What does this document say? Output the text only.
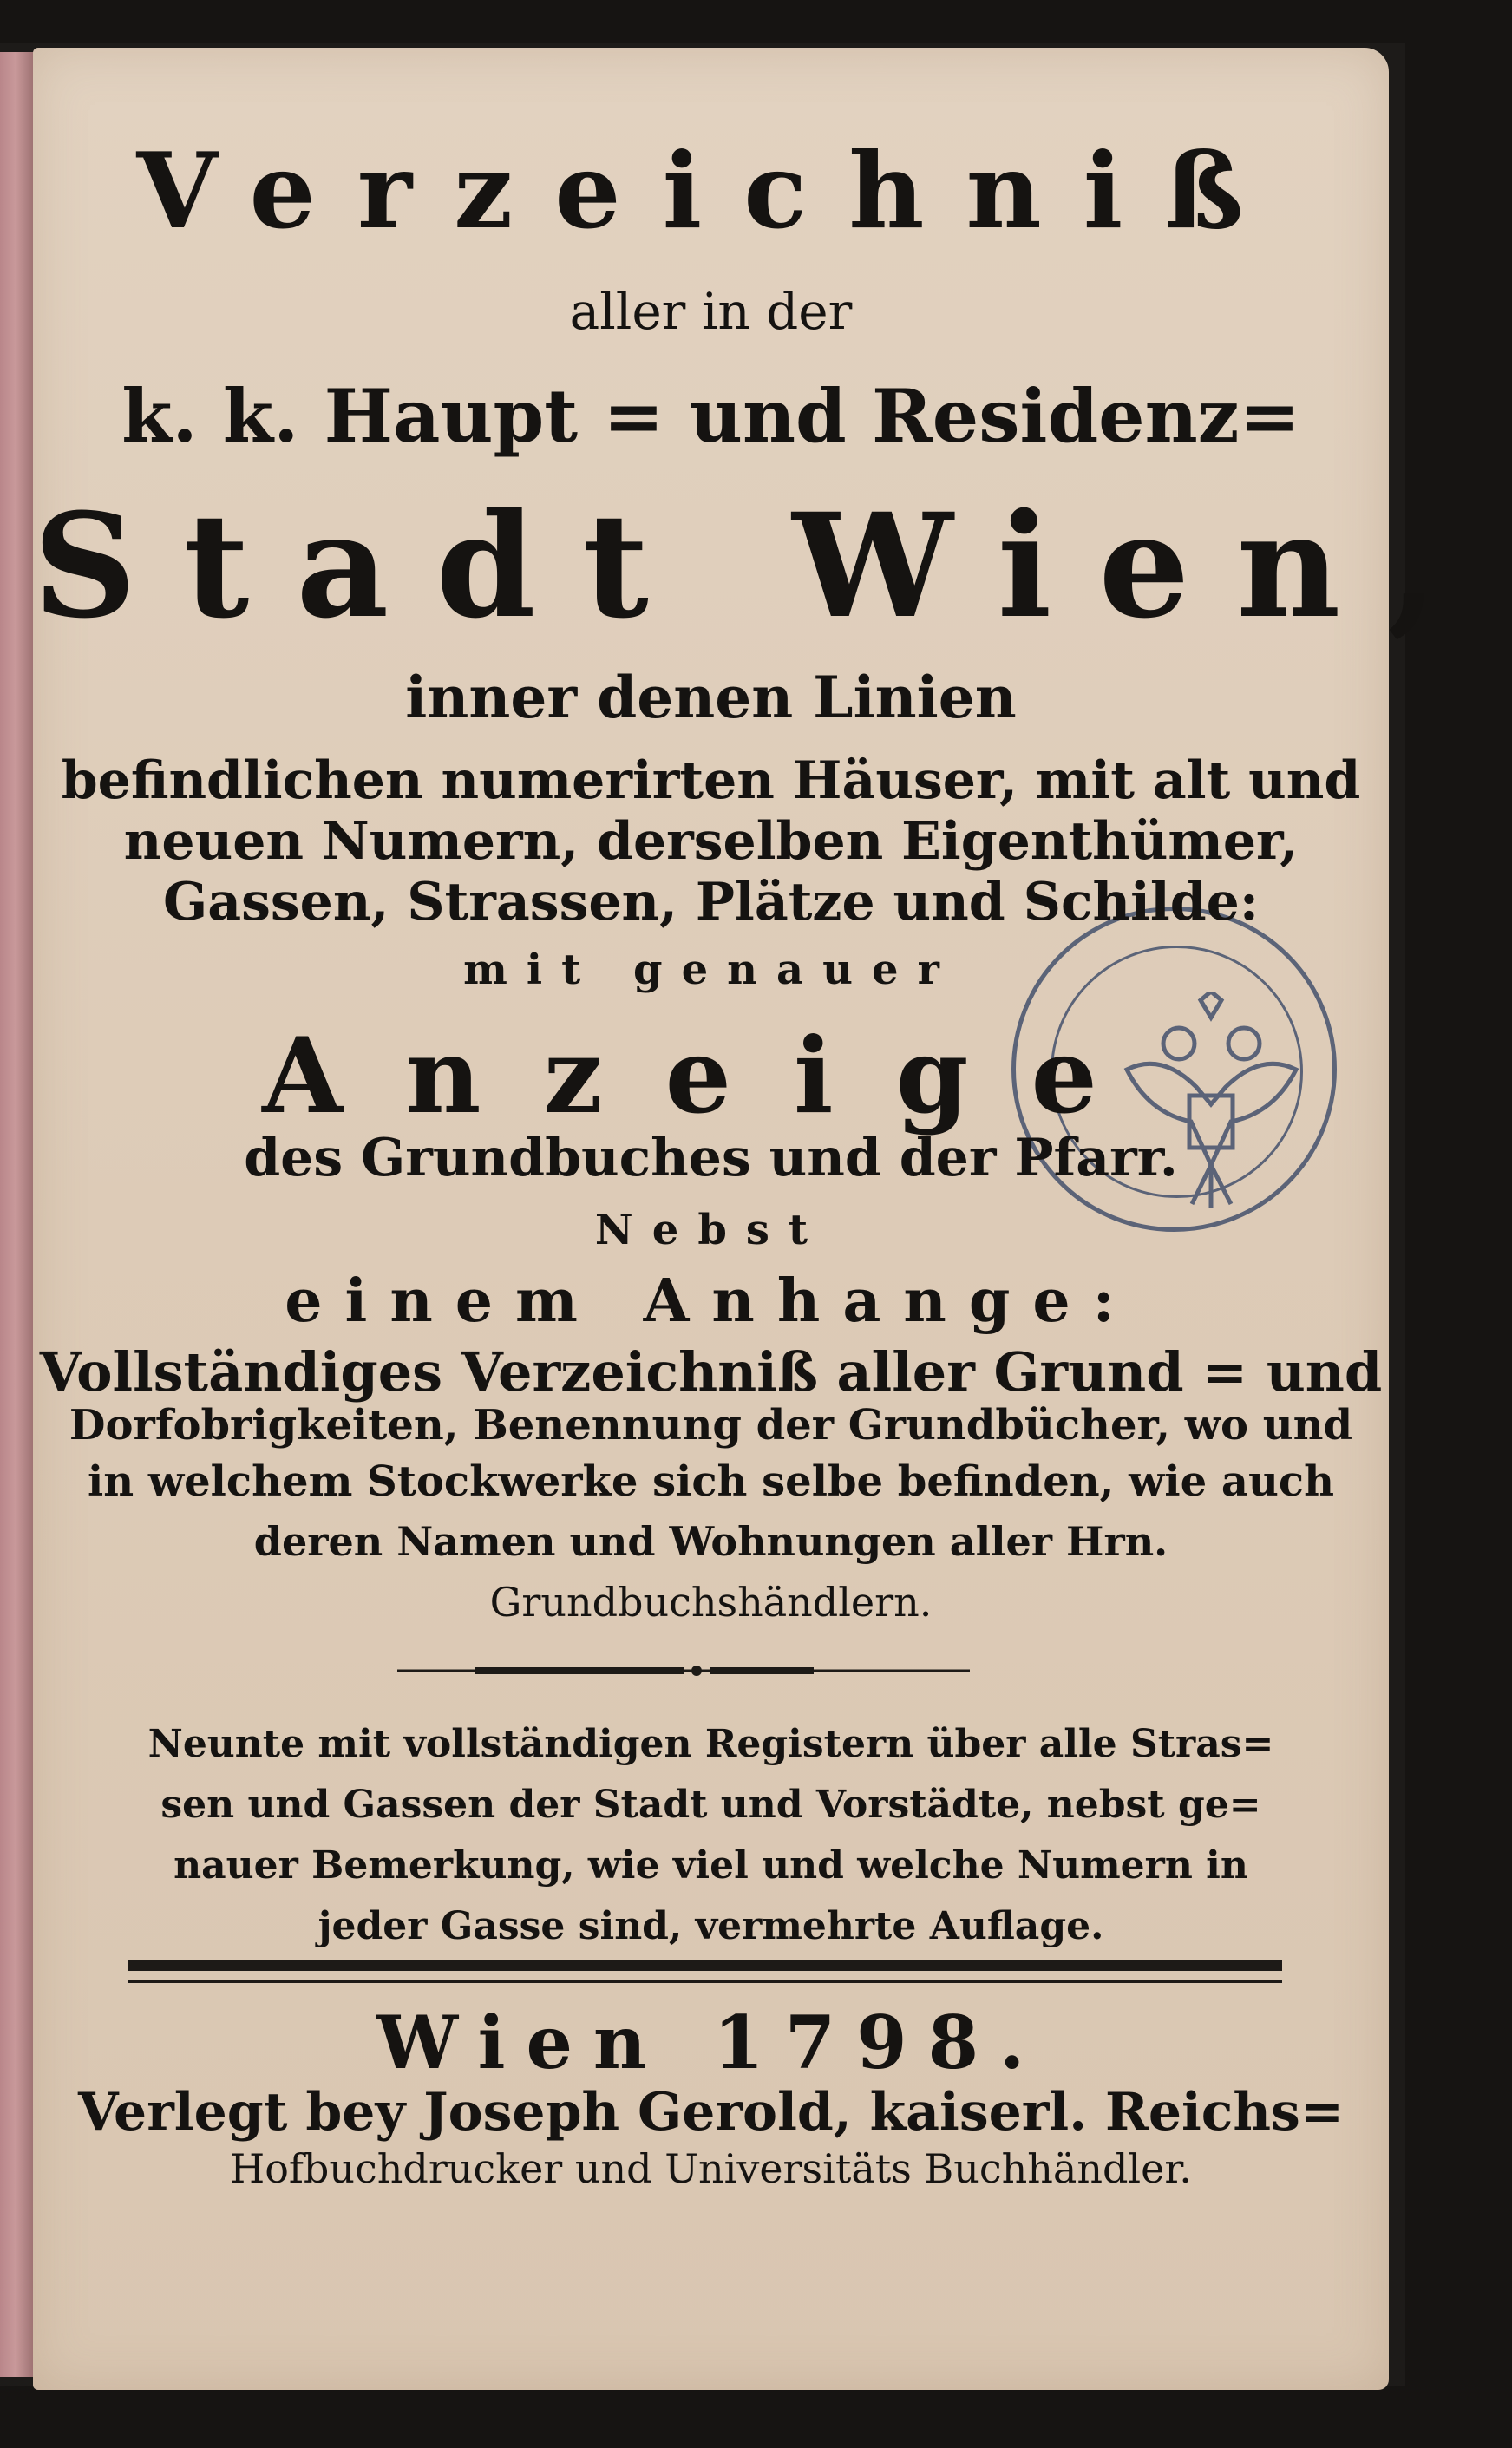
Verzeichniß
aller in der
k. k. Haupt = und Residenz=
Stadt Wien,
inner denen Linien
befindlichen numerirten Häuser, mit alt und
neuen Numern, derselben Eigenthümer,
Gassen, Strassen, Plätze und Schilde:
mit genauer
Anzeige
des Grundbuches und der Pfarr.
Nebst
einem Anhange:
Vollständiges Verzeichniß aller Grund = und
Dorfobrigkeiten, Benennung der Grundbücher, wo und
in welchem Stockwerke sich selbe befinden, wie auch
deren Namen und Wohnungen aller Hrn.
Grundbuchshändlern.
Neunte mit vollständigen Registern über alle Stras=
sen und Gassen der Stadt und Vorstädte, nebst ge=
nauer Bemerkung, wie viel und welche Numern in
jeder Gasse sind, vermehrte Auflage.
Wien 1798.
Verlegt bey Joseph Gerold, kaiserl. Reichs=
Hofbuchdrucker und Universitäts Buchhändler.
